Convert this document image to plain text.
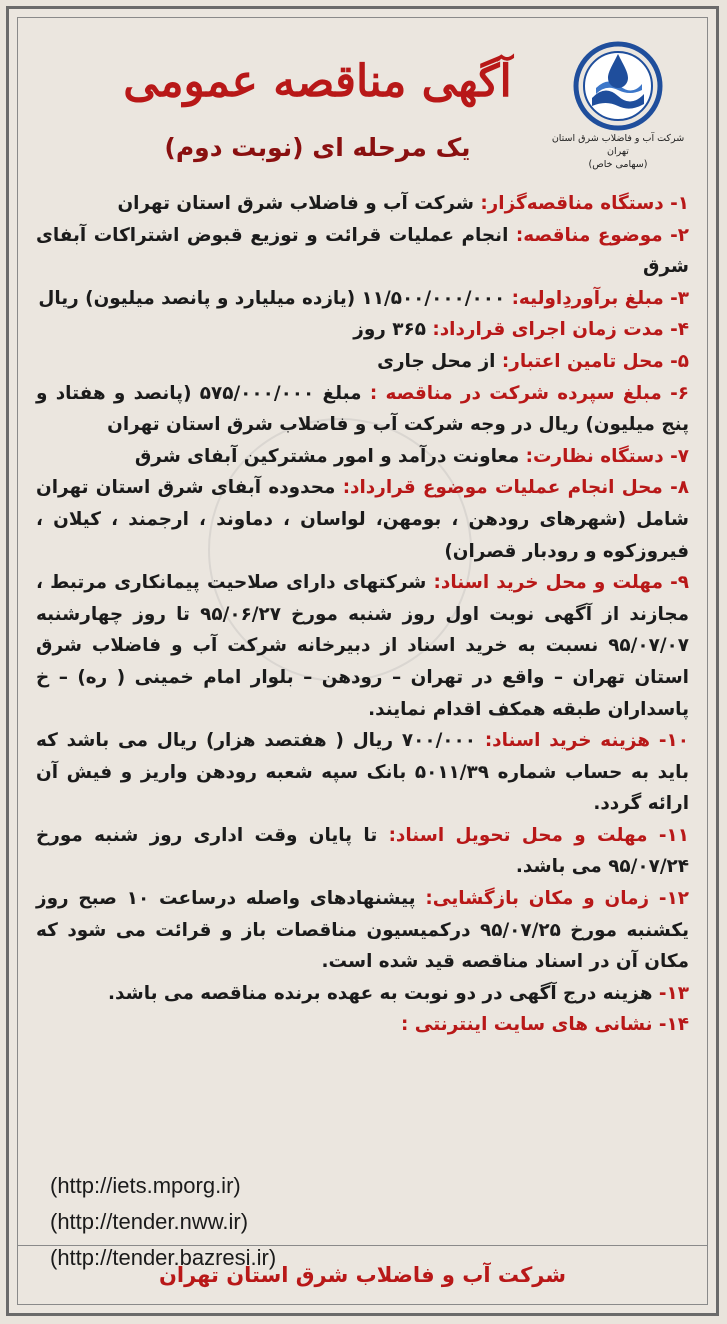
شرکت آب و فاضلاب شرق استان تهران
(سهامی خاص)
آگهی مناقصه عمومی
یک مرحله ای (نوبت دوم)

۱- دستگاه مناقصه‌گزار: شرکت آب و فاضلاب شرق استان تهران

۲- موضوع مناقصه: انجام عملیات قرائت و توزیع قبوض اشتراکات آبفای شرق

۳- مبلغ برآوردِاولیه: ۱۱/۵۰۰/۰۰۰/۰۰۰ (یازده میلیارد و پانصد میلیون) ریال

۴- مدت زمان اجرای قرارداد: ۳۶۵ روز

۵- محل تامین اعتبار: از محل جاری

۶- مبلغ سپرده شرکت در مناقصه : مبلغ ۵۷۵/۰۰۰/۰۰۰ (پانصد و هفتاد و پنج میلیون) ریال در وجه شرکت آب و فاضلاب شرق استان تهران

۷- دستگاه نظارت: معاونت درآمد و امور مشترکین آبفای شرق

۸- محل انجام عملیات موضوع قرارداد: محدوده آبفای شرق استان تهران شامل (شهرهای رودهن ، بومهن، لواسان ، دماوند ، ارجمند ، کیلان ، فیروزکوه و رودبار قصران)

۹- مهلت و محل خرید اسناد: شرکتهای دارای صلاحیت پیمانکاری مرتبط ، مجازند از آگهی نوبت اول روز شنبه مورخ ۹۵/۰۶/۲۷ تا روز چهارشنبه ۹۵/۰۷/۰۷ نسبت به خرید اسناد از دبیرخانه شرکت آب و فاضلاب شرق استان تهران – واقع در تهران – رودهن – بلوار امام خمینی ( ره) – خ پاسداران طبقه همکف اقدام نمایند.

۱۰- هزینه خرید اسناد: ۷۰۰/۰۰۰ ریال ( هفتصد هزار) ریال می باشد که باید به حساب شماره ۵۰۱۱/۳۹ بانک سپه شعبه رودهن واریز و فیش آن ارائه گردد.

۱۱- مهلت و محل تحویل اسناد: تا پایان وقت اداری روز شنبه مورخ ۹۵/۰۷/۲۴ می باشد.

۱۲- زمان و مکان بازگشایی: پیشنهادهای واصله درساعت ۱۰ صبح روز یکشنبه مورخ ۹۵/۰۷/۲۵ درکمیسیون مناقصات باز و قرائت می شود که مکان آن در اسناد مناقصه قید شده است.

۱۳- هزینه درج آگهی در دو نوبت به عهده برنده مناقصه می باشد.

۱۴- نشانی های سایت اینترنتی :

(http://iets.mporg.ir)
(http://tender.nww.ir)
(http://tender.bazresi.ir)
شرکت آب و فاضلاب شرق استان تهران
